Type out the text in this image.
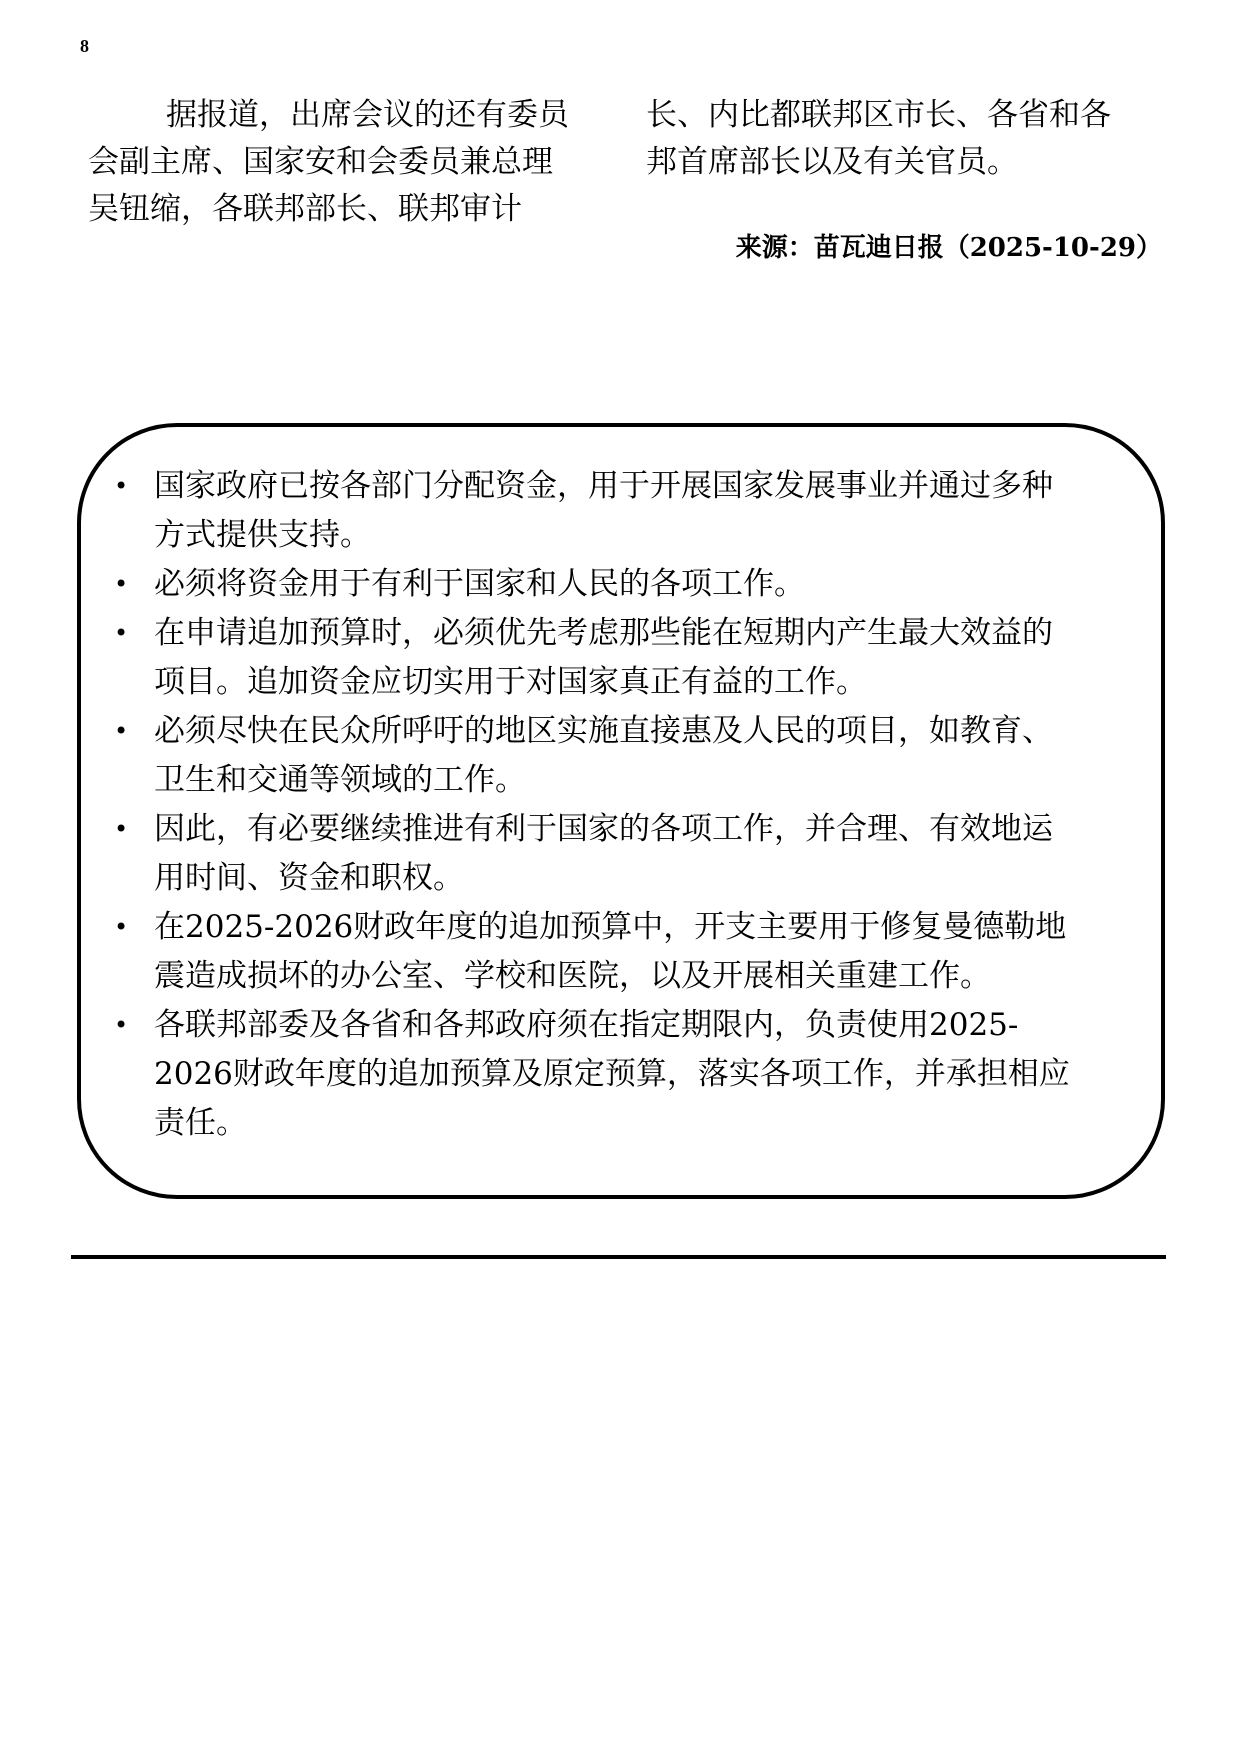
8
据报道，出席会议的还有委员
会副主席、国家安和会委员兼总理
吴钮缩，各联邦部长、联邦审计
长、内比都联邦区市长、各省和各
邦首席部长以及有关官员。
来源：苗瓦迪日报（2025-10-29）
• 国家政府已按各部门分配资金，用于开展国家发展事业并通过多种
方式提供支持。
• 必须将资金用于有利于国家和人民的各项工作。
• 在申请追加预算时，必须优先考虑那些能在短期内产生最大效益的
项目。追加资金应切实用于对国家真正有益的工作。
• 必须尽快在民众所呼吁的地区实施直接惠及人民的项目，如教育、
卫生和交通等领域的工作。
• 因此，有必要继续推进有利于国家的各项工作，并合理、有效地运
用时间、资金和职权。
• 在2025-2026财政年度的追加预算中，开支主要用于修复曼德勒地
震造成损坏的办公室、学校和医院，以及开展相关重建工作。
• 各联邦部委及各省和各邦政府须在指定期限内，负责使用2025-
2026财政年度的追加预算及原定预算，落实各项工作，并承担相应
责任。
